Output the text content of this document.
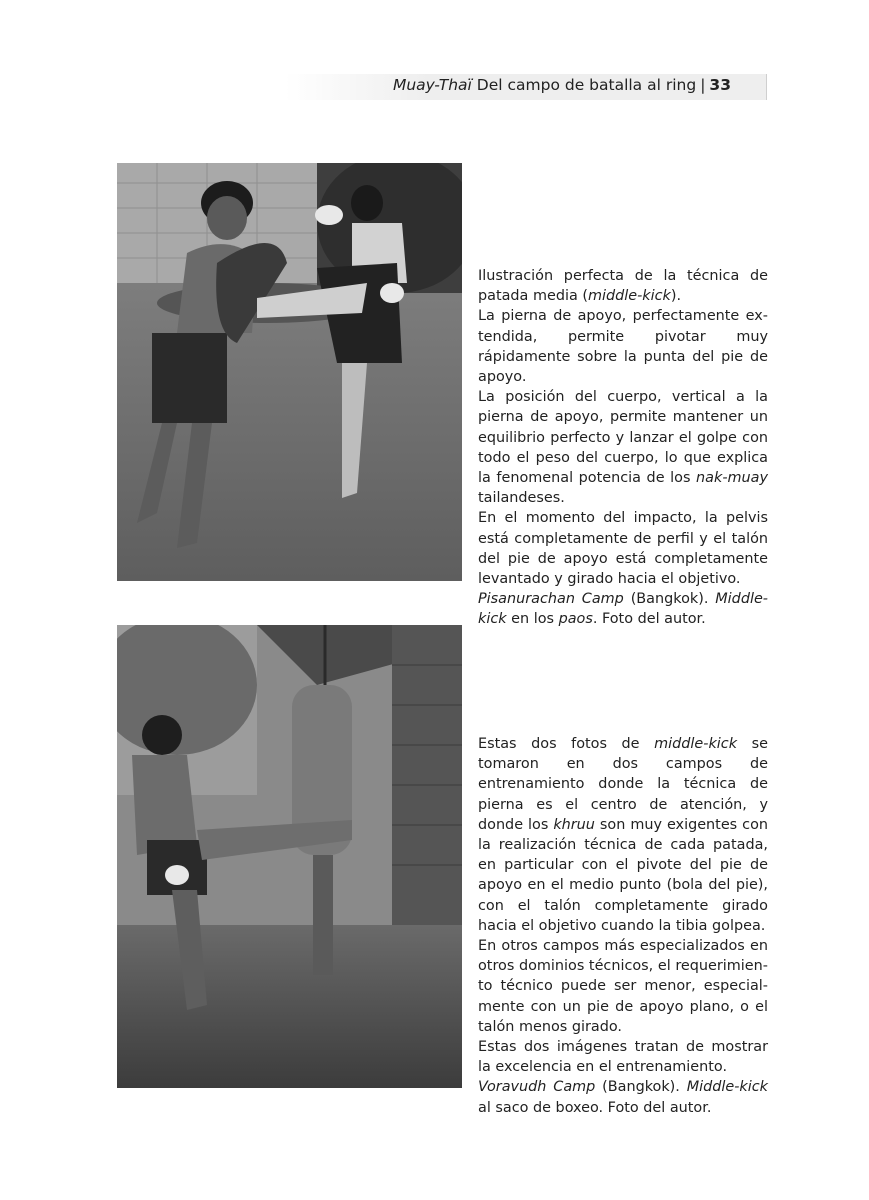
Muay-Thaï Del campo de batalla al ring | 33

Ilustración perfecta de la técnica de patada media (middle-kick).

La pierna de apoyo, perfectamente extendida, permite pivotar muy rápidamente sobre la punta del pie de apoyo.

La posición del cuerpo, vertical a la pierna de apoyo, permite mantener un equilibrio perfecto y lanzar el golpe con todo el peso del cuerpo, lo que explica la fenomenal potencia de los nak-muay tailandeses.

En el momento del impacto, la pelvis está completamente de perfil y el talón del pie de apoyo está completamente levantado y girado hacia el objetivo.

Pisanurachan Camp (Bangkok). Middle-kick en los paos. Foto del autor.

Estas dos fotos de middle-kick se tomaron en dos campos de entrenamiento donde la técnica de pierna es el centro de atención, y donde los khruu son muy exigentes con la realización técnica de cada patada, en particular con el pivote del pie de apoyo en el medio punto (bola del pie), con el talón completamente girado hacia el objetivo cuando la tibia golpea.

En otros campos más especializados en otros dominios técnicos, el requerimiento técnico puede ser menor, especialmente con un pie de apoyo plano, o el talón menos girado.

Estas dos imágenes tratan de mostrar la excelencia en el entrenamiento.

Voravudh Camp (Bangkok). Middle-kick al saco de boxeo. Foto del autor.
